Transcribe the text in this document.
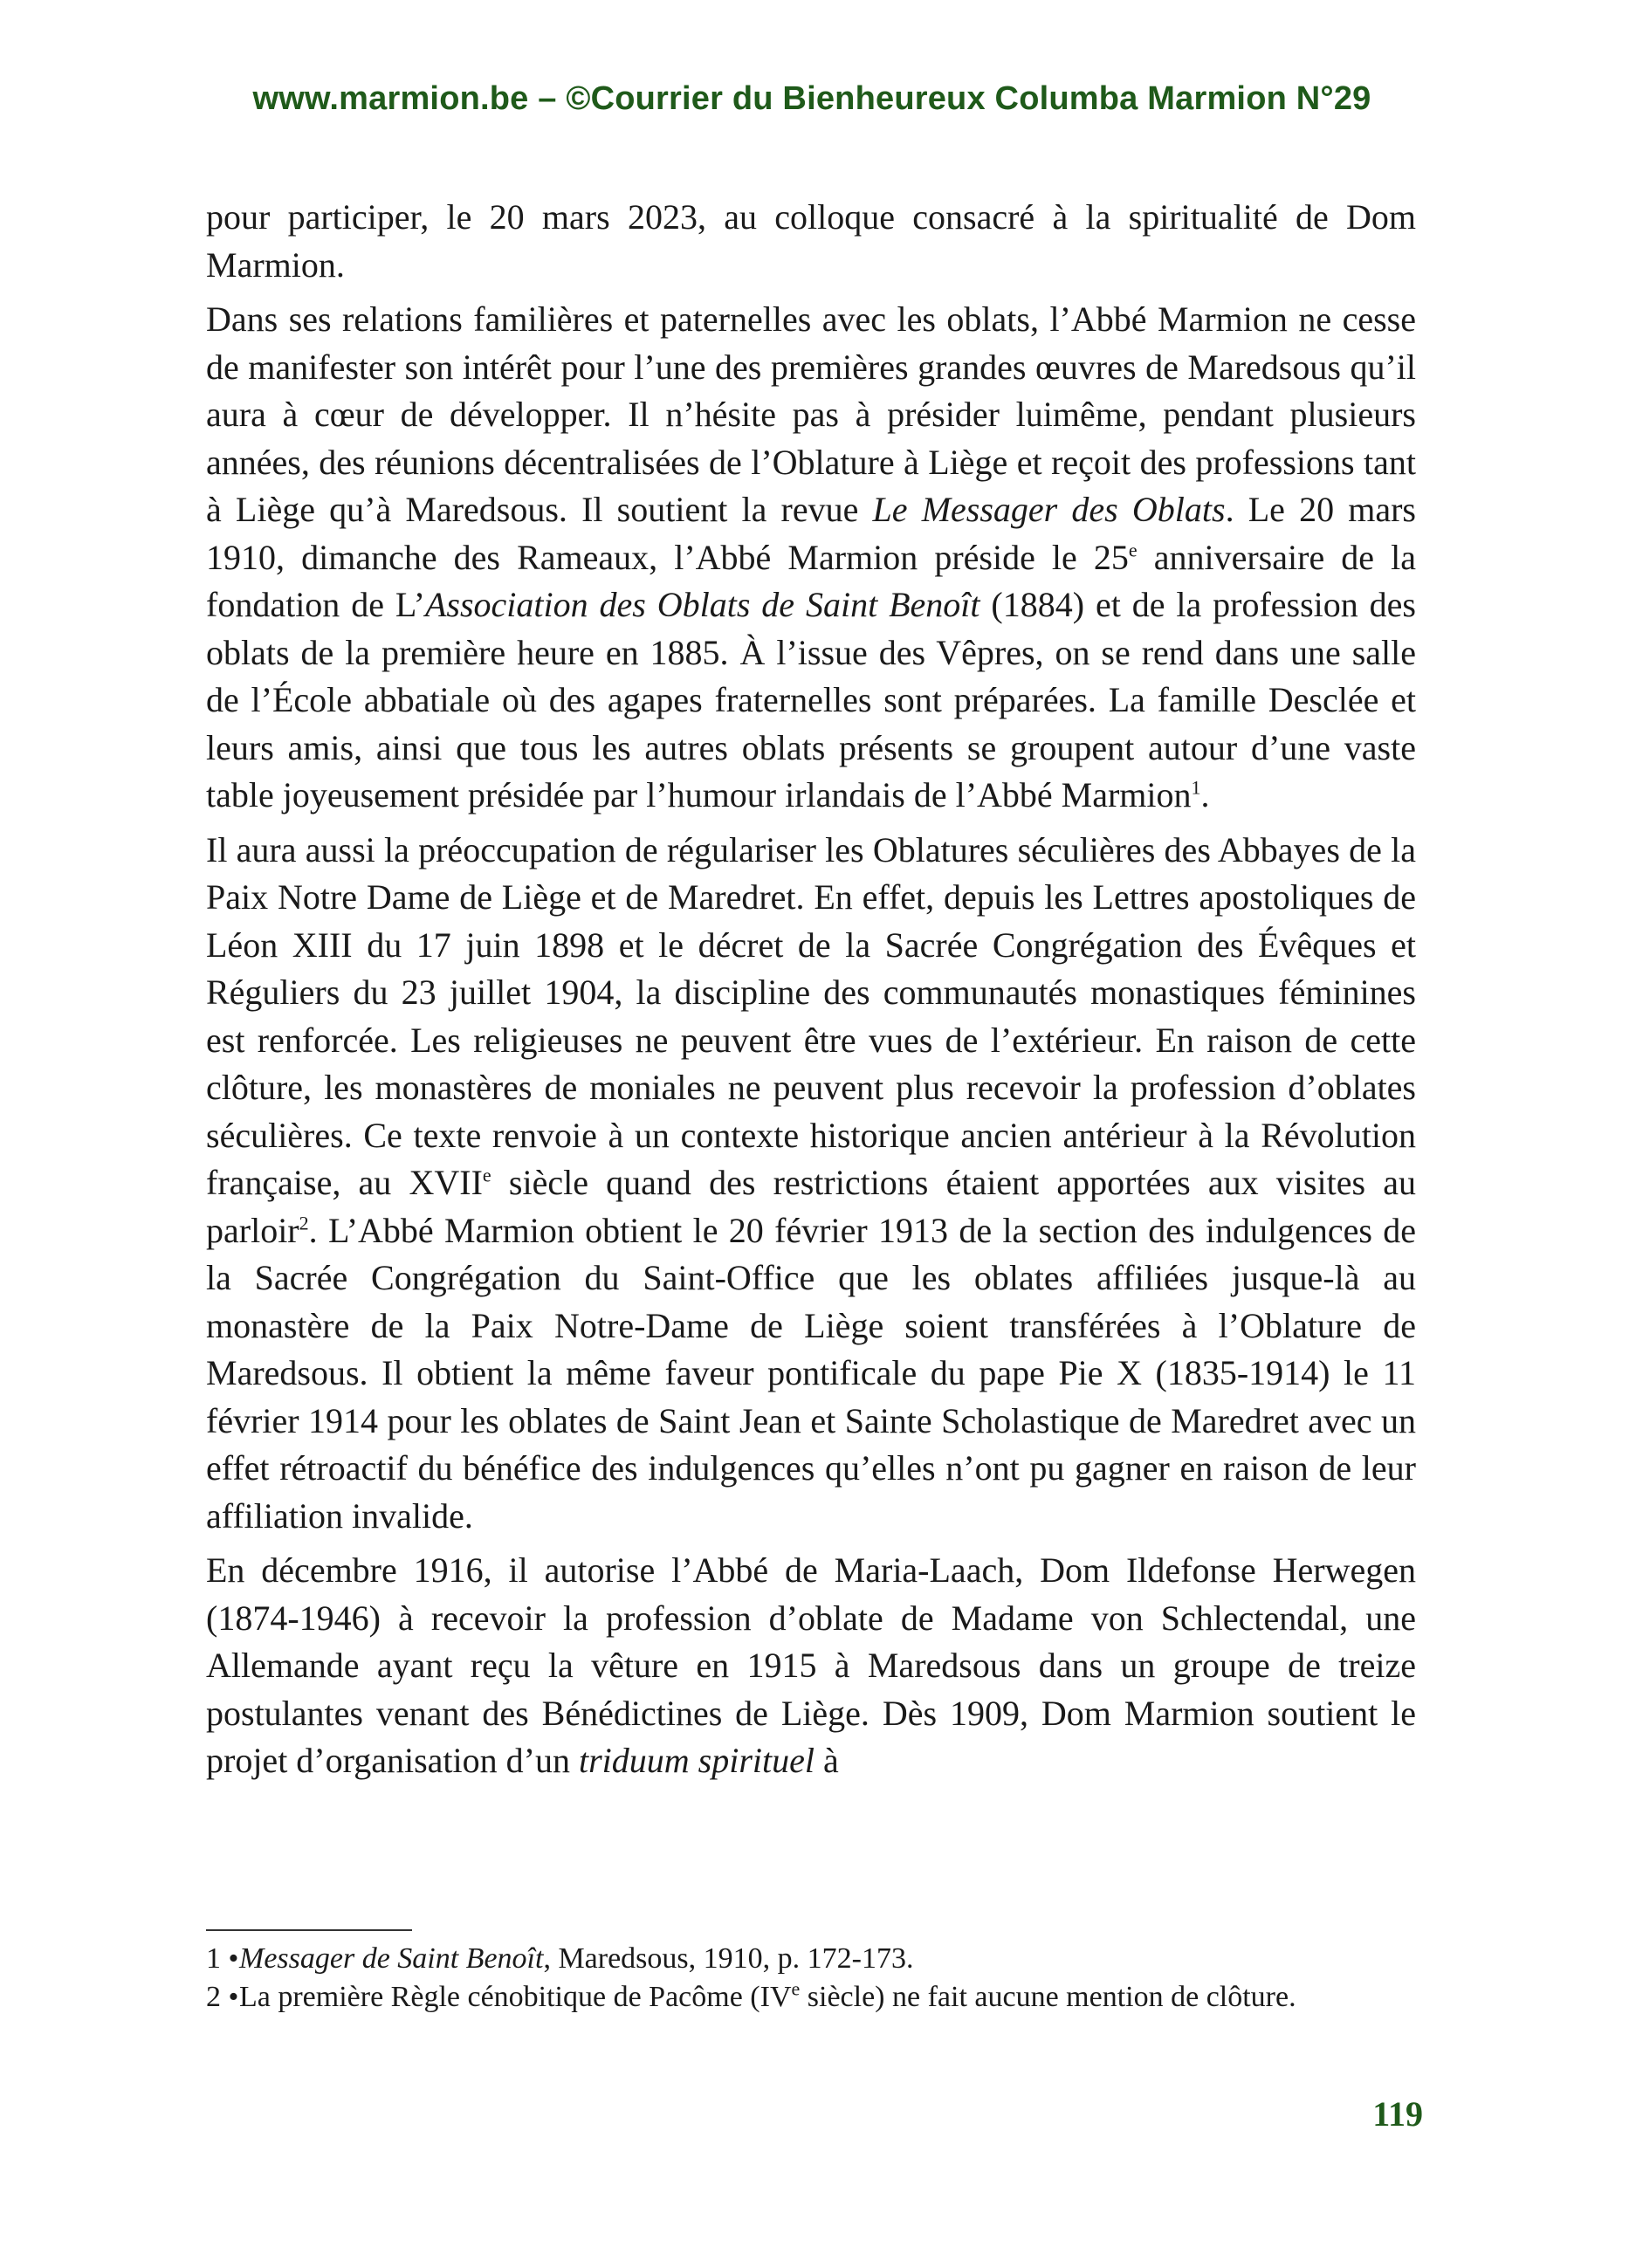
www.marmion.be – ©Courrier du Bienheureux Columba Marmion N°29

pour participer, le 20 mars 2023, au colloque consacré à la spiritualité de Dom Marmion.

Dans ses relations familières et paternelles avec les oblats, l’Abbé Marmion ne cesse de manifester son intérêt pour l’une des premières grandes œuvres de Maredsous qu’il aura à cœur de développer. Il n’hésite pas à présider luimême, pendant plusieurs années, des réunions décentralisées de l’Oblature à Liège et reçoit des professions tant à Liège qu’à Maredsous. Il soutient la revue Le Messager des Oblats. Le 20 mars 1910, dimanche des Rameaux, l’Abbé Marmion préside le 25e anniversaire de la fondation de L’Association des Oblats de Saint Benoît (1884) et de la profession des oblats de la première heure en 1885. À l’issue des Vêpres, on se rend dans une salle de l’École abbatiale où des agapes fraternelles sont préparées. La famille Desclée et leurs amis, ainsi que tous les autres oblats présents se groupent autour d’une vaste table joyeusement présidée par l’humour irlandais de l’Abbé Marmion$^1$.

Il aura aussi la préoccupation de régulariser les Oblatures séculières des Abbayes de la Paix Notre Dame de Liège et de Maredret. En effet, depuis les Lettres apostoliques de Léon XIII du 17 juin 1898 et le décret de la Sacrée Congrégation des Évêques et Réguliers du 23 juillet 1904, la discipline des communautés monastiques féminines est renforcée. Les religieuses ne peuvent être vues de l’extérieur. En raison de cette clôture, les monastères de moniales ne peuvent plus recevoir la profession d’oblates séculières. Ce texte renvoie à un contexte historique ancien antérieur à la Révolution française, au XVIIe siècle quand des restrictions étaient apportées aux visites au parloir$^2$. L’Abbé Marmion obtient le 20 février 1913 de la section des indulgences de la Sacrée Congrégation du Saint-Office que les oblates affiliées jusque-là au monastère de la Paix Notre-Dame de Liège soient transférées à l’Oblature de Maredsous. Il obtient la même faveur pontificale du pape Pie X (1835-1914) le 11 février 1914 pour les oblates de Saint Jean et Sainte Scholastique de Maredret avec un effet rétroactif du bénéfice des indulgences qu’elles n’ont pu gagner en raison de leur affiliation invalide.

En décembre 1916, il autorise l’Abbé de Maria-Laach, Dom Ildefonse Herwegen (1874-1946) à recevoir la profession d’oblate de Madame von Schlectendal, une Allemande ayant reçu la vêture en 1915 à Maredsous dans un groupe de treize postulantes venant des Bénédictines de Liège. Dès 1909, Dom Marmion soutient le projet d’organisation d’un triduum spirituel à

1 • Messager de Saint Benoît, Maredsous, 1910, p. 172-173.

2 • La première Règle cénobitique de Pacôme (IVe siècle) ne fait aucune mention de clôture.

119
